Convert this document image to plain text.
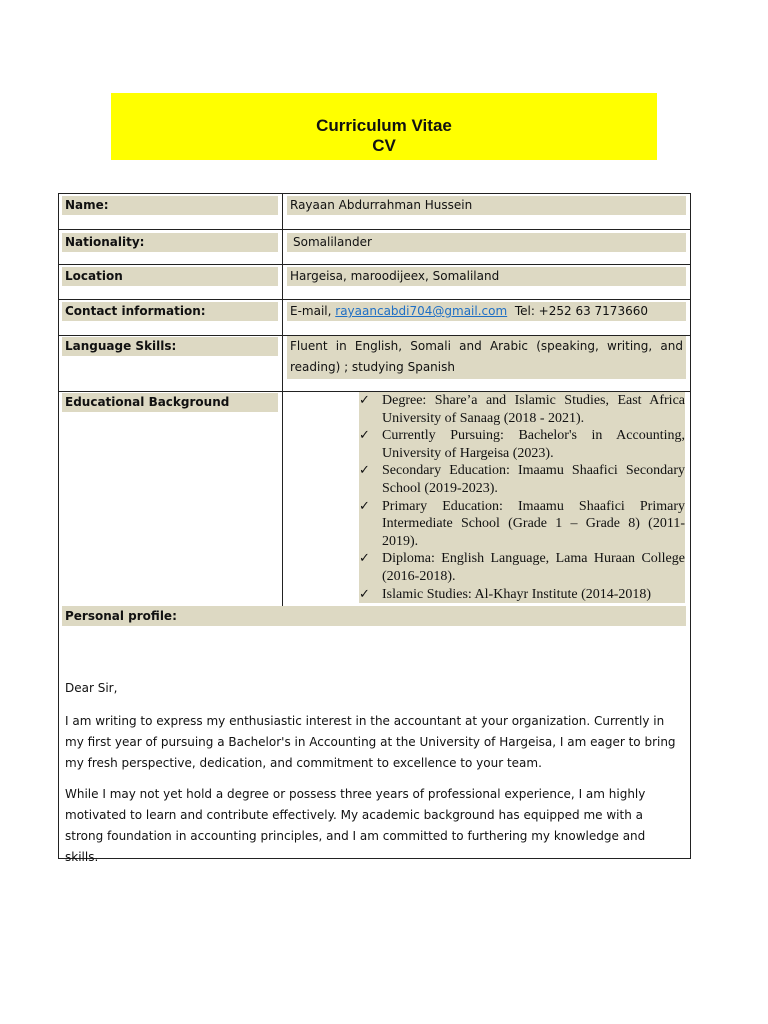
Curriculum Vitae
CV
Name:	Rayaan Abdurrahman Hussein
Nationality:	Somalilander
Location	Hargeisa, maroodijeex, Somaliland
Contact information:	E-mail, rayaancabdi704@gmail.com Tel: +252 63 7173660
Language Skills:	Fluent in English, Somali and Arabic (speaking, writing, and reading) ; studying Spanish
Educational Background	✓ Degree: Share’a and Islamic Studies, East Africa University of Sanaag (2018 - 2021).
✓ Currently Pursuing: Bachelor's in Accounting, University of Hargeisa (2023).
✓ Secondary Education: Imaamu Shaafici Secondary School (2019-2023).
✓ Primary Education: Imaamu Shaafici Primary Intermediate School (Grade 1 – Grade 8) (2011-2019).
✓ Diploma: English Language, Lama Huraan College (2016-2018).
✓ Islamic Studies: Al-Khayr Institute (2014-2018)
Personal profile:
Dear Sir,
I am writing to express my enthusiastic interest in the accountant at your organization. Currently in my first year of pursuing a Bachelor's in Accounting at the University of Hargeisa, I am eager to bring my fresh perspective, dedication, and commitment to excellence to your team.
While I may not yet hold a degree or possess three years of professional experience, I am highly motivated to learn and contribute effectively. My academic background has equipped me with a strong foundation in accounting principles, and I am committed to furthering my knowledge and skills.
